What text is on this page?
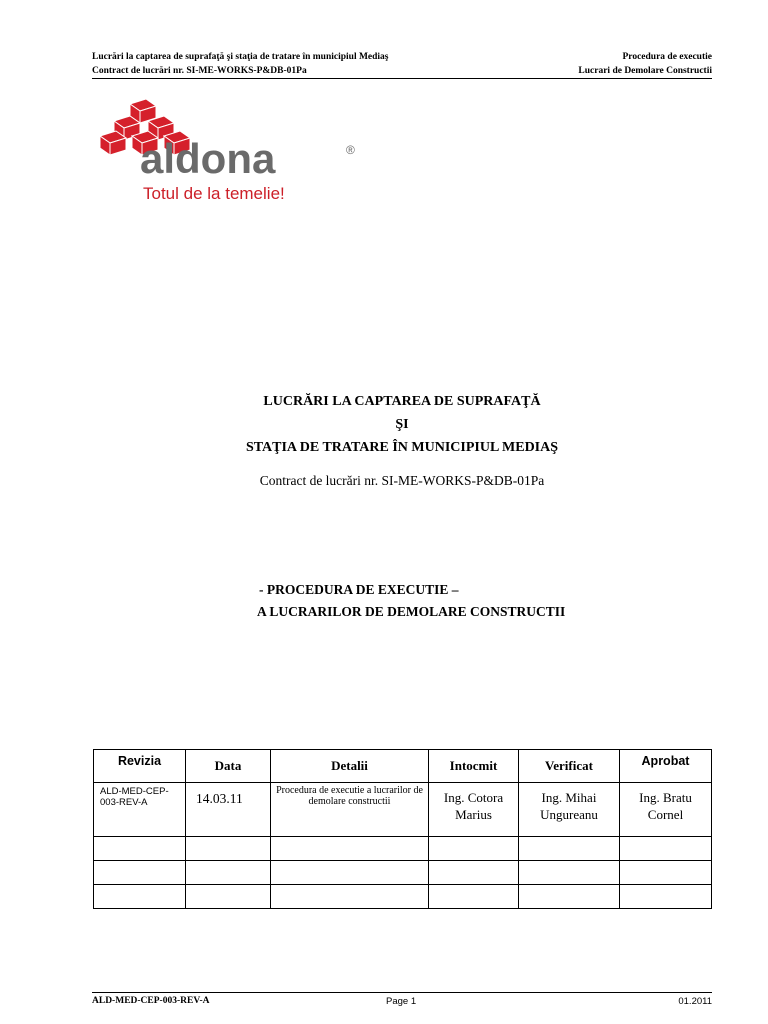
Lucrări la captarea de suprafaţă şi staţia de tratare în municipiul Mediaş	Procedura de executie
Contract de lucrări nr. SI-ME-WORKS-P&DB-01Pa	Lucrari de Demolare Constructii
aldona	®
Totul de la temelie!
LUCRĂRI LA CAPTAREA DE SUPRAFAŢĂ
ŞI
STAŢIA DE TRATARE ÎN MUNICIPIUL MEDIAŞ
Contract de lucrări nr. SI-ME-WORKS-P&DB-01Pa
- PROCEDURA DE EXECUTIE –
A LUCRARILOR DE DEMOLARE CONSTRUCTII
Revizia	Data	Detalii	Intocmit	Verificat	Aprobat
ALD-MED-CEP-003-REV-A	14.03.11	Procedura de executie a lucrarilor de demolare constructii	Ing. Cotora Marius	Ing. Mihai Ungureanu	Ing. Bratu Cornel

ALD-MED-CEP-003-REV-A	Page 1	01.2011
